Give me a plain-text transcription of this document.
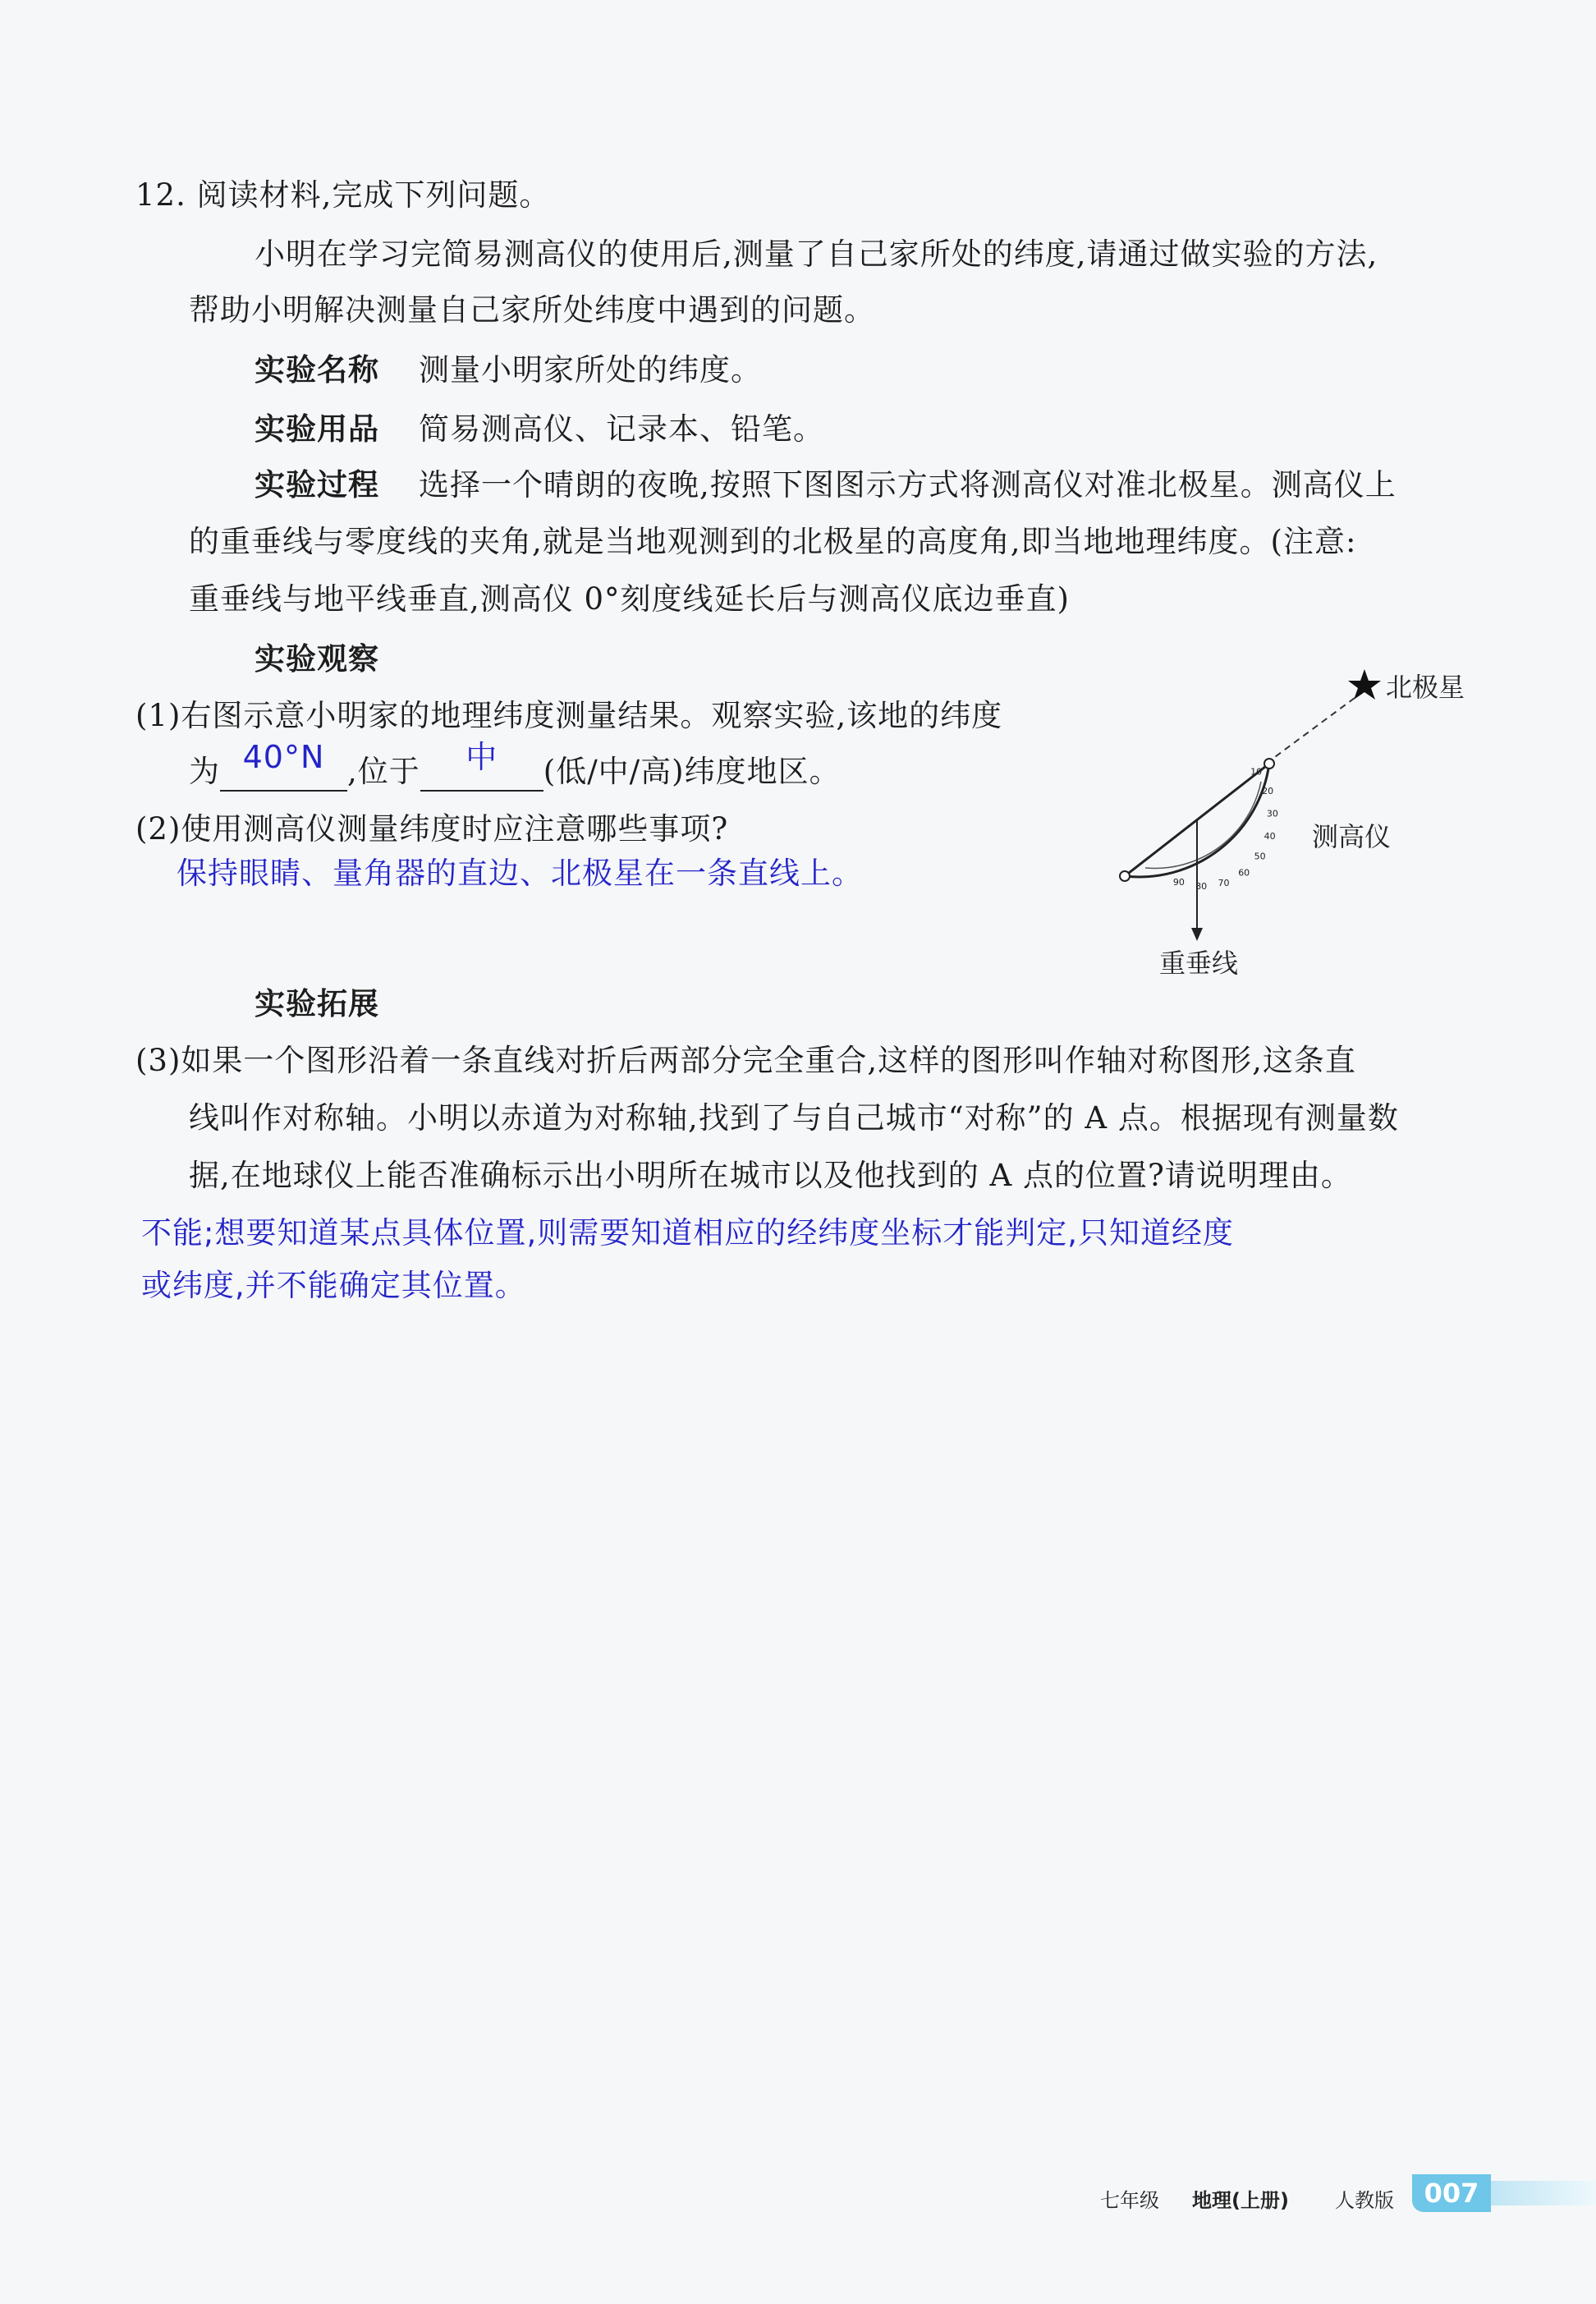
12. 阅读材料,完成下列问题。
小明在学习完简易测高仪的使用后,测量了自己家所处的纬度,请通过做实验的方法,
帮助小明解决测量自己家所处纬度中遇到的问题。
实验名称 测量小明家所处的纬度。
实验用品 简易测高仪、记录本、铅笔。
实验过程 选择一个晴朗的夜晚,按照下图图示方式将测高仪对准北极星。测高仪上
的重垂线与零度线的夹角,就是当地观测到的北极星的高度角,即当地地理纬度。(注意:
重垂线与地平线垂直,测高仪 0°刻度线延长后与测高仪底边垂直)
实验观察
(1)右图示意小明家的地理纬度测量结果。观察实验,该地的纬度
为 40°N ,位于	中	(低/中/高)纬度地区。
(2)使用测高仪测量纬度时应注意哪些事项?
保持眼睛、量角器的直边、北极星在一条直线上。
实验拓展
(3)如果一个图形沿着一条直线对折后两部分完全重合,这样的图形叫作轴对称图形,这条直
线叫作对称轴。小明以赤道为对称轴,找到了与自己城市“对称”的 A 点。根据现有测量数
据,在地球仪上能否准确标示出小明所在城市以及他找到的 A 点的位置?请说明理由。
不能;想要知道某点具体位置,则需要知道相应的经纬度坐标才能判定,只知道经度
或纬度,并不能确定其位置。
北极星
10
20
30
40
50
60
70
80
90
测高仪
重垂线
七年级 地理(上册) 人教版	007
